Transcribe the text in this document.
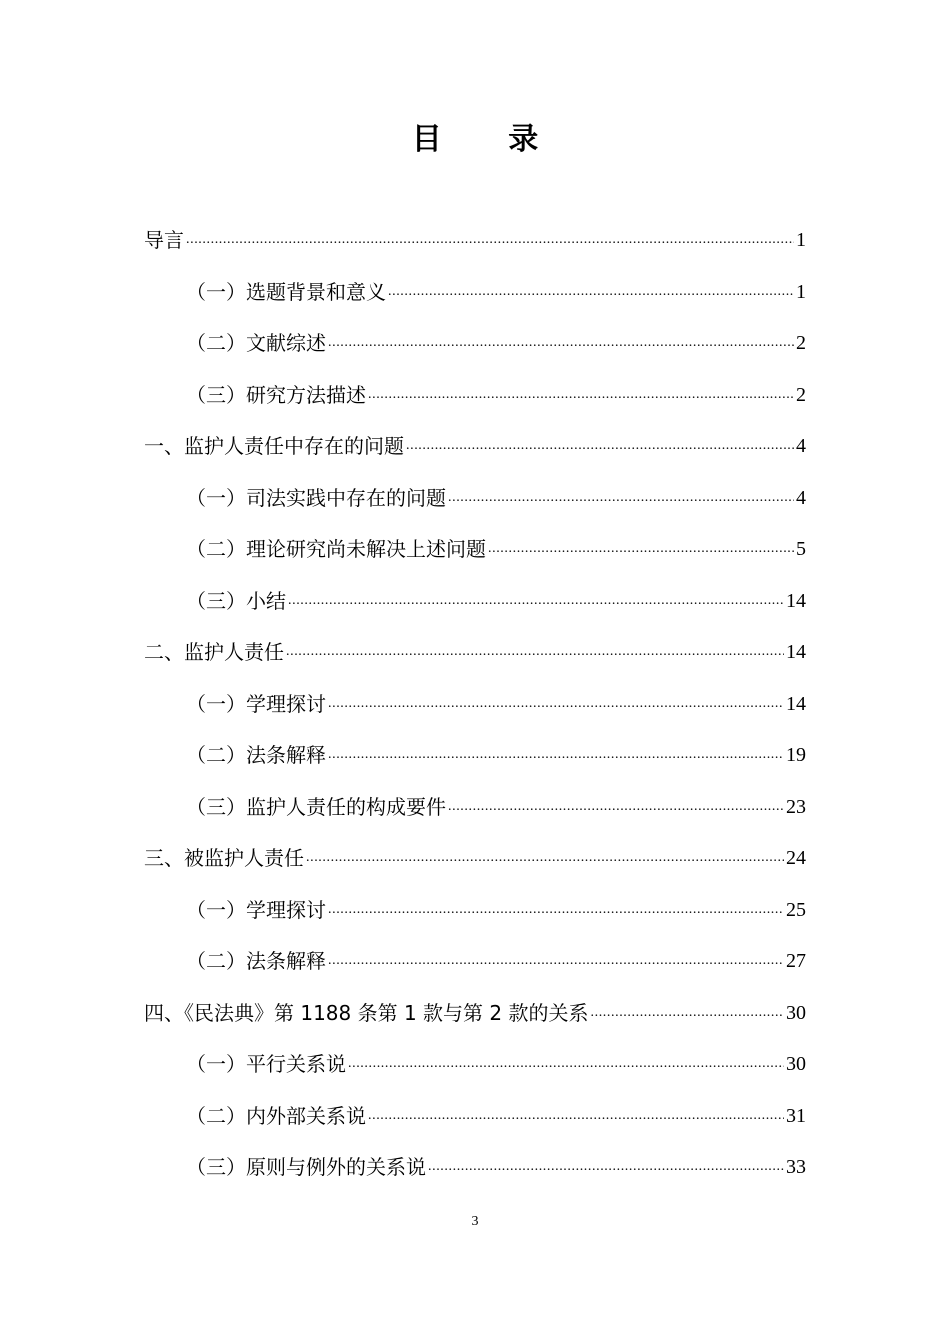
目 录
导言 .....	1
（一）选题背景和意义 .....	1
（二）文献综述 .....	2
（三）研究方法描述 .....	2
一、监护人责任中存在的问题 .....	4
（一）司法实践中存在的问题 .....	4
（二）理论研究尚未解决上述问题 .....	5
（三）小结 .....	14
二、监护人责任 .....	14
（一）学理探讨 .....	14
（二）法条解释 .....	19
（三）监护人责任的构成要件 .....	23
三、被监护人责任 .....	24
（一）学理探讨 .....	25
（二）法条解释 .....	27
四、《民法典》第 1188 条第 1 款与第 2 款的关系 .....	30
（一）平行关系说 .....	30
（二）内外部关系说 .....	31
（三）原则与例外的关系说 .....	33
3
